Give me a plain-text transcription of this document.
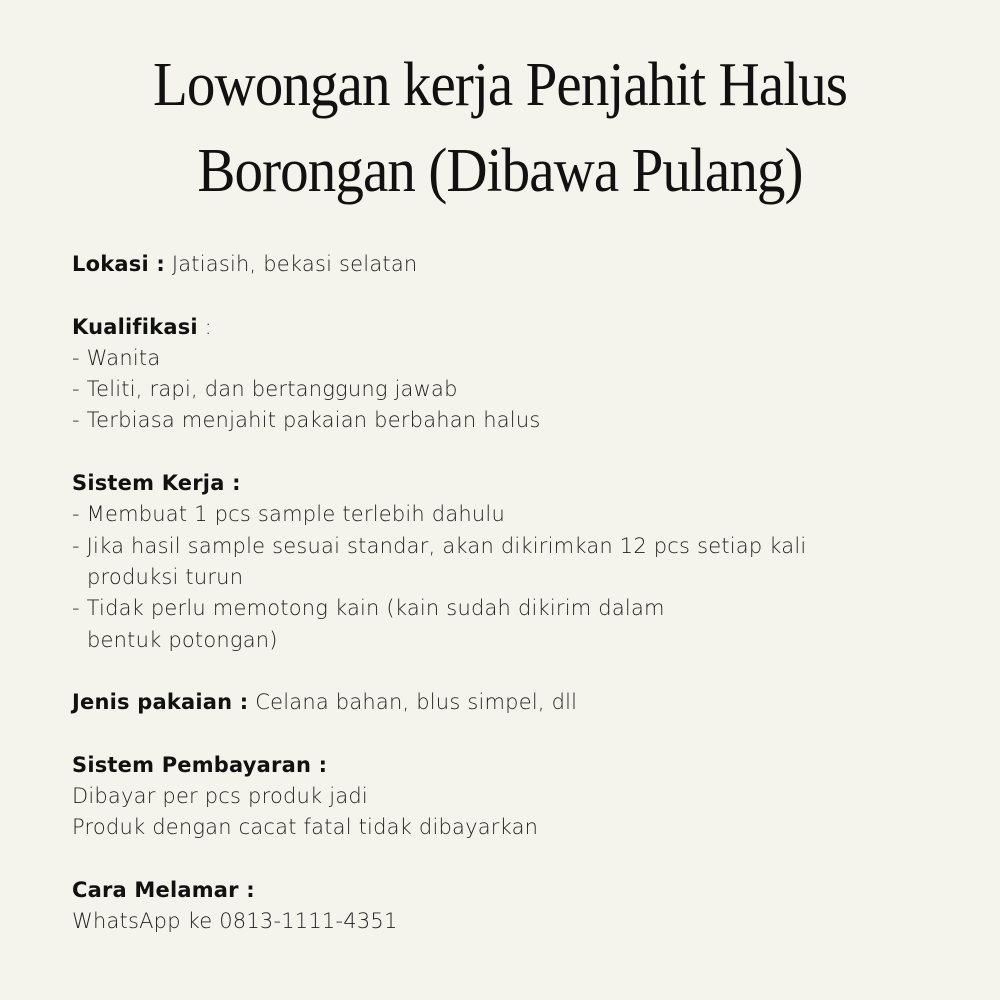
Lowongan kerja Penjahit Halus
Borongan (Dibawa Pulang)
Lokasi : Jatiasih, bekasi selatan
Kualifikasi :
- Wanita
- Teliti, rapi, dan bertanggung jawab
- Terbiasa menjahit pakaian berbahan halus
Sistem Kerja :
- Membuat 1 pcs sample terlebih dahulu
- Jika hasil sample sesuai standar, akan dikirimkan 12 pcs setiap kali
produksi turun
- Tidak perlu memotong kain (kain sudah dikirim dalam
bentuk potongan)
Jenis pakaian : Celana bahan, blus simpel, dll
Sistem Pembayaran :
Dibayar per pcs produk jadi
Produk dengan cacat fatal tidak dibayarkan
Cara Melamar :
WhatsApp ke 0813-1111-4351
